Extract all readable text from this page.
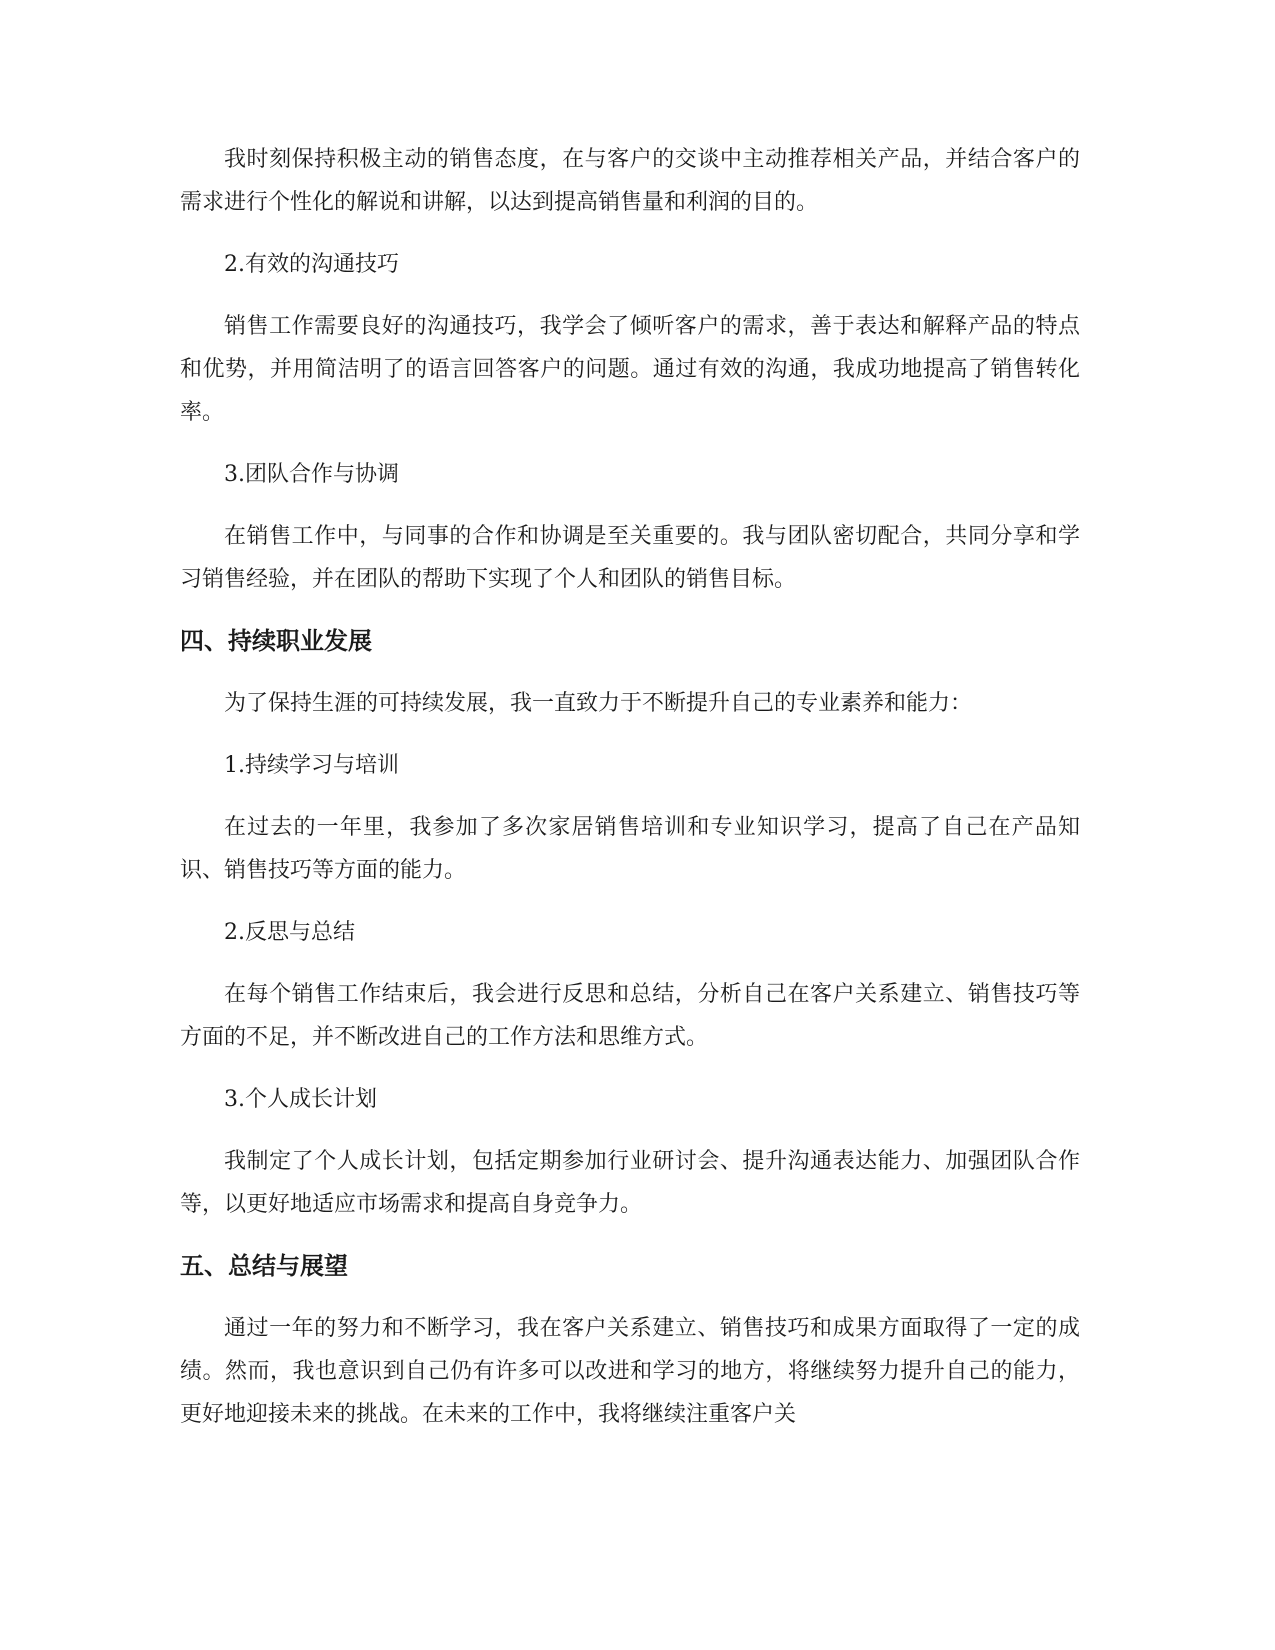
我时刻保持积极主动的销售态度，在与客户的交谈中主动推荐相关产品，并结合客户的需求进行个性化的解说和讲解，以达到提高销售量和利润的目的。

2.有效的沟通技巧

销售工作需要良好的沟通技巧，我学会了倾听客户的需求，善于表达和解释产品的特点和优势，并用简洁明了的语言回答客户的问题。通过有效的沟通，我成功地提高了销售转化率。

3.团队合作与协调

在销售工作中，与同事的合作和协调是至关重要的。我与团队密切配合，共同分享和学习销售经验，并在团队的帮助下实现了个人和团队的销售目标。

四、持续职业发展

为了保持生涯的可持续发展，我一直致力于不断提升自己的专业素养和能力：

1.持续学习与培训

在过去的一年里，我参加了多次家居销售培训和专业知识学习，提高了自己在产品知识、销售技巧等方面的能力。

2.反思与总结

在每个销售工作结束后，我会进行反思和总结，分析自己在客户关系建立、销售技巧等方面的不足，并不断改进自己的工作方法和思维方式。

3.个人成长计划

我制定了个人成长计划，包括定期参加行业研讨会、提升沟通表达能力、加强团队合作等，以更好地适应市场需求和提高自身竞争力。

五、总结与展望

通过一年的努力和不断学习，我在客户关系建立、销售技巧和成果方面取得了一定的成绩。然而，我也意识到自己仍有许多可以改进和学习的地方，将继续努力提升自己的能力，更好地迎接未来的挑战。在未来的工作中，我将继续注重客户关
